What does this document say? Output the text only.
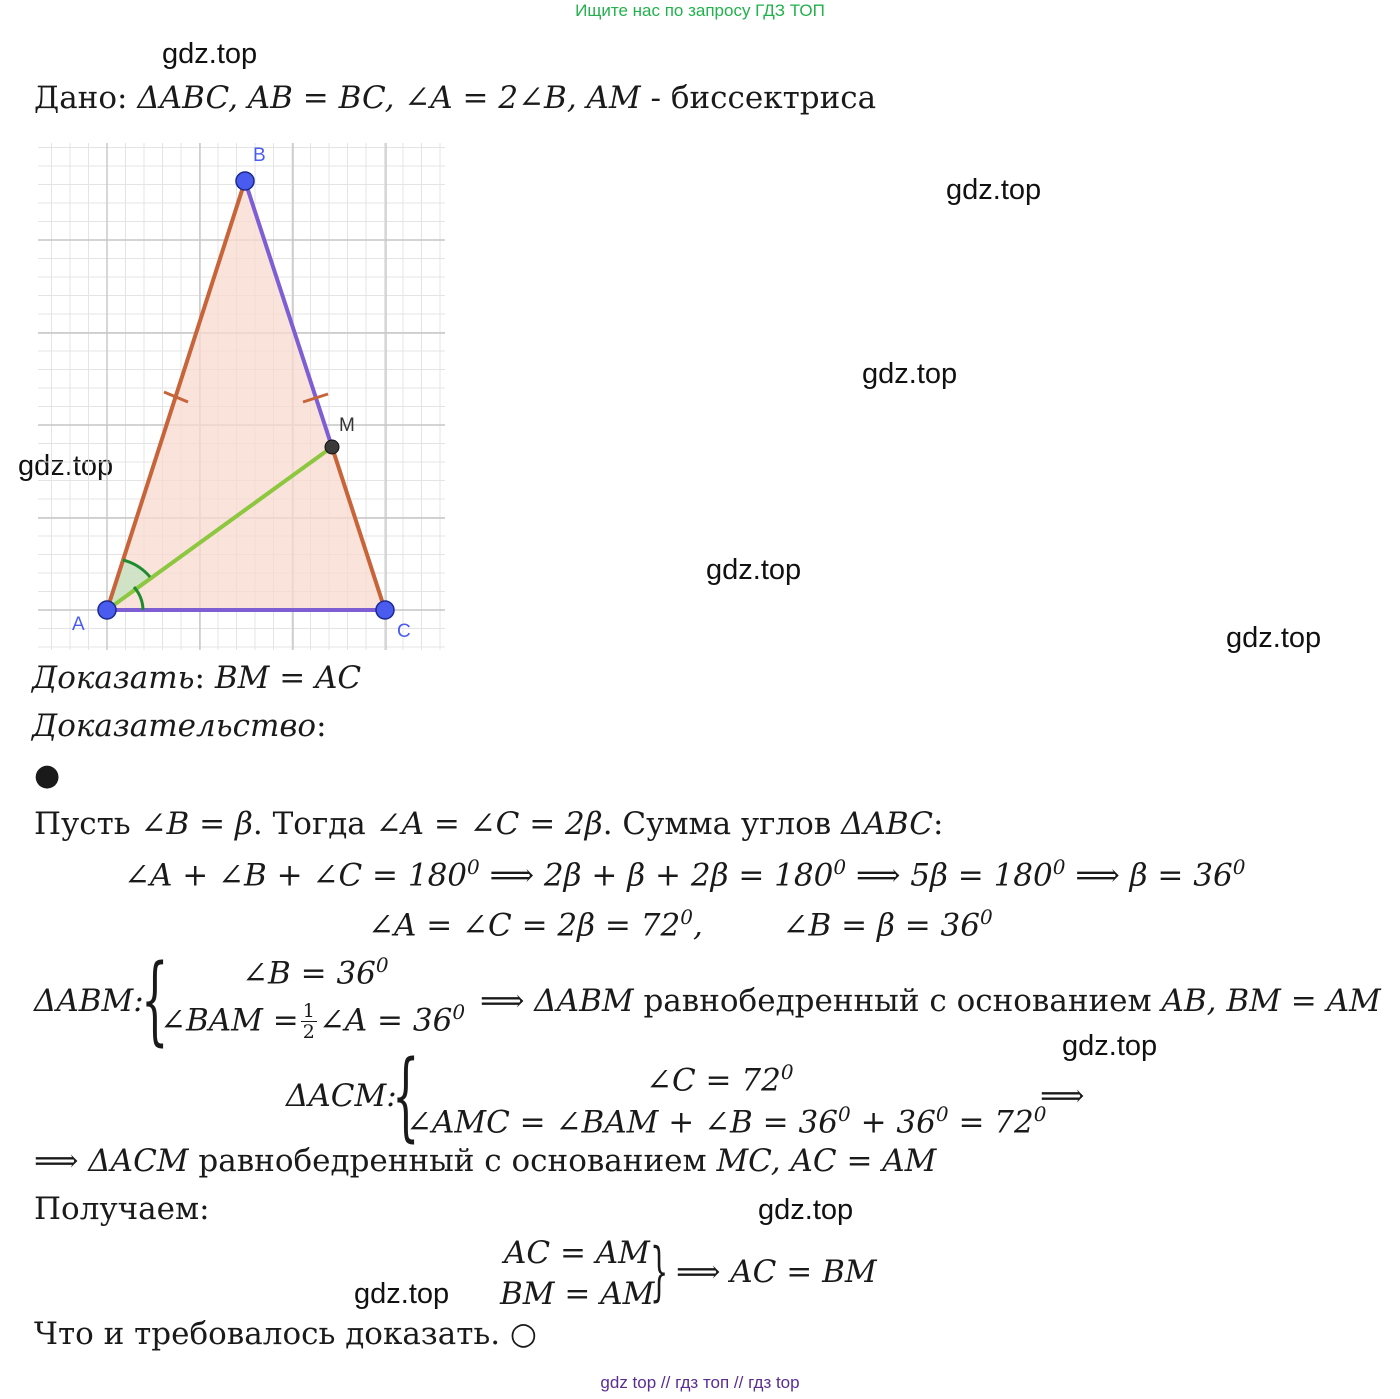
Ищите нас по запросу ГДЗ ТОП
gdz.top
gdz.top
gdz.top
gdz.top
gdz.top
gdz.top
gdz.top
gdz.top
gdz.top
Дано: ΔABC, AB = BC, ∠A = 2∠B, AM - биссектриса
A
B
C
M
Доказать: BM = AC
Доказательство:
●
Пусть ∠B = β. Тогда ∠A = ∠C = 2β. Сумма углов ΔABC:
∠A + ∠B + ∠C = $180^0$ ⟹ $2\beta + \beta + 2\beta = 180^0$ ⟹ $5\beta = 180^0$ ⟹ $\beta = 36^0$
∠A = ∠C = $2\beta = 72^0$,  ∠B = $\beta = 36^0$
ΔABM:
{ ∠B = $36^0$
∠BAM = $\frac{1}{2}$ ∠A = $36^0$ ⟹ ΔABM равнобедренный с основанием AB, BM = AM
ΔACM:
{	∠C = $72^0$
∠AMC = ∠BAM + ∠B = $36^0 + 36^0 = 72^0$
⟹
⟹ ΔACM равнобедренный с основанием MC, AC = AM
Получаем:
AC = AM
BM = AM
} ⟹ AC = BM
Что и требовалось доказать. ○
gdz top // гдз топ // гдз top
